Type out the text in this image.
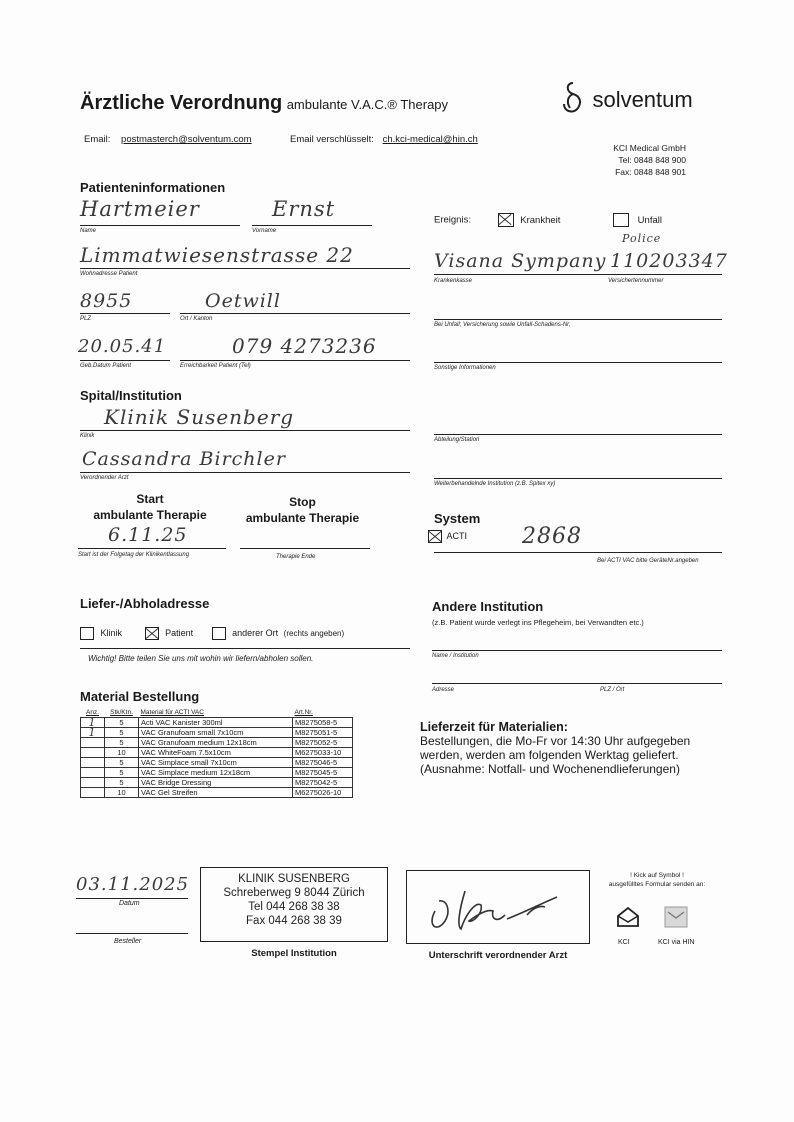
Ärztliche Verordnung ambulante V.A.C.® Therapy	solventum
Email: postmasterch@solventum.com	Email verschlüsselt: ch.kci-medical@hin.ch
KCI Medical GmbH
Tel: 0848 848 900
Fax: 0848 848 901
Patienteninformationen
Hartmeier
Name
Ernst
Vorname
Limmatwiesenstrasse 22
Wohnadresse Patient
8955
PLZ
Oetwill
Ort / Kanton
20.05.41
Geb.Datum Patient
079 4273236
Erreichbarkeit Patient (Tel)
Ereignis:	Krankheit	Unfall
Police
Visana Sympany 110203347
Krankenkasse	Versichertennummer
Bei Unfall; Versicherung sowie Unfall-Schadens-Nr.
Sonstige Informationen
Spital/Institution
Klinik Susenberg
Klinik
Cassandra Birchler
Verordnender Arzt
Abteilung/Station
Weiterbehandelnde Institution (z.B. Spitex xy)
Start
ambulante Therapie
Stop
ambulante Therapie
6.11.25
Start ist der Folgetag der Klinikentlassung	Therapie Ende
System
ACTI 2868
Bei ACTI VAC bitte GeräteNr.angeben
Liefer-/Abholadresse
Klinik	Patient	anderer Ort (rechts angeben)
Wichtig! Bitte teilen Sie uns mit wohin wir liefern/abholen sollen.
Andere Institution
(z.B. Patient wurde verlegt ins Pflegeheim, bei Verwandten etc.)
Name / Institution
Adresse	PLZ / Ort
Material Bestellung
Anz.	Stk/Ktn.	Material für ACTI VAC	Art.Nr.
1	5	Acti VAC Kanister 300ml	M8275058-5
1	5	VAC Granufoam small 7x10cm	M8275051-5
	5	VAC Granufoam medium 12x18cm	M8275052-5
	10	VAC WhiteFoam 7.5x10cm	M6275033-10
	5	VAC Simplace small 7x10cm	M8275046-5
	5	VAC Simplace medium 12x18cm	M8275045-5
	5	VAC Bridge Dressing	M8275042-5
	10	VAC Gel Streifen	M6275026-10
Lieferzeit für Materialien:
Bestellungen, die Mo-Fr vor 14:30 Uhr aufgegeben
werden, werden am folgenden Werktag geliefert.
(Ausnahme: Notfall- und Wochenendlieferungen)
03.11.2025
Datum
Besteller
KLINIK SUSENBERG
Schreberweg 9 8044 Zürich
Tel 044 268 38 38
Fax 044 268 38 39
Stempel Institution	Unterschrift verordnender Arzt
! Kick auf Symbol !
ausgefülltes Formular senden an:
KCI	KCI via HIN
